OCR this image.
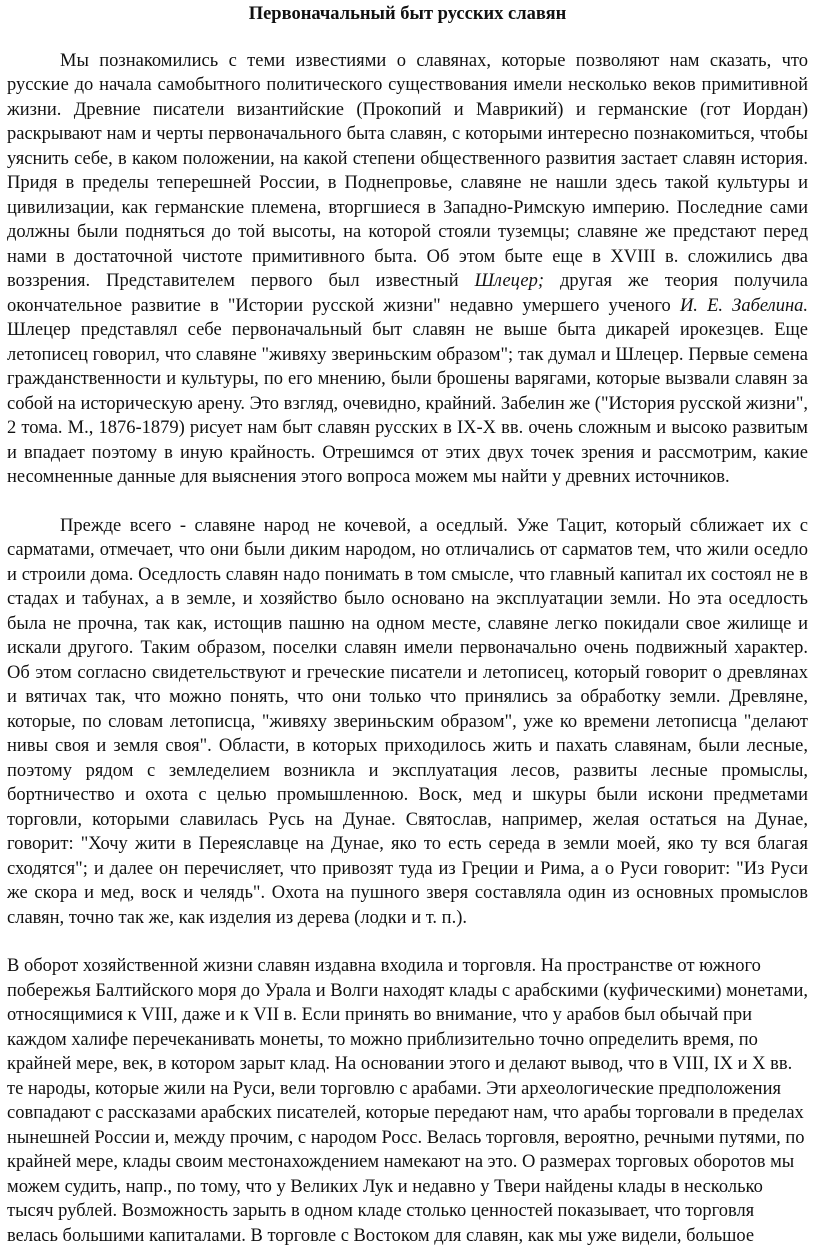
Первоначальный быт русских славян

Мы познакомились с теми известиями о славянах, которые позволяют нам сказать, что русские до начала самобытного политического существования имели несколько веков примитивной жизни. Древние писатели византийские (Прокопий и Маврикий) и германские (гот Иордан) раскрывают нам и черты первоначального быта славян, с которыми интересно познакомиться, чтобы уяснить себе, в каком положении, на какой степени общественного развития застает славян история. Придя в пределы теперешней России, в Поднепровье, славяне не нашли здесь такой культуры и цивилизации, как германские племена, вторгшиеся в Западно-Римскую империю. Последние сами должны были подняться до той высоты, на которой стояли туземцы; славяне же предстают перед нами в достаточной чистоте примитивного быта. Об этом быте еще в XVIII в. сложились два воззрения. Представителем первого был известный Шлецер; другая же теория получила окончательное развитие в "Истории русской жизни" недавно умершего ученого И. Е. Забелина. Шлецер представлял себе первоначальный быт славян не выше быта дикарей ирокезцев. Еще летописец говорил, что славяне "живяху звериньским образом"; так думал и Шлецер. Первые семена гражданственности и культуры, по его мнению, были брошены варягами, которые вызвали славян за собой на историческую арену. Это взгляд, очевидно, крайний. Забелин же ("История русской жизни", 2 тома. М., 1876-1879) рисует нам быт славян русских в IX-X вв. очень сложным и высоко развитым и впадает поэтому в иную крайность. Отрешимся от этих двух точек зрения и рассмотрим, какие несомненные данные для выяснения этого вопроса можем мы найти у древних источников.

Прежде всего - славяне народ не кочевой, а оседлый. Уже Тацит, который сближает их с сарматами, отмечает, что они были диким народом, но отличались от сарматов тем, что жили оседло и строили дома. Оседлость славян надо понимать в том смысле, что главный капитал их состоял не в стадах и табунах, а в земле, и хозяйство было основано на эксплуатации земли. Но эта оседлость была не прочна, так как, истощив пашню на одном месте, славяне легко покидали свое жилище и искали другого. Таким образом, поселки славян имели первоначально очень подвижный характер. Об этом согласно свидетельствуют и греческие писатели и летописец, который говорит о древлянах и вятичах так, что можно понять, что они только что принялись за обработку земли. Древляне, которые, по словам летописца, "живяху звериньским образом", уже ко времени летописца "делают нивы своя и земля своя". Области, в которых приходилось жить и пахать славянам, были лесные, поэтому рядом с земледелием возникла и эксплуатация лесов, развиты лесные промыслы, бортничество и охота с целью промышленною. Воск, мед и шкуры были искони предметами торговли, которыми славилась Русь на Дунае. Святослав, например, желая остаться на Дунае, говорит: "Хочу жити в Переяславце на Дунае, яко то есть середа в земли моей, яко ту вся благая сходятся"; и далее он перечисляет, что привозят туда из Греции и Рима, а о Руси говорит: "Из Руси же скора и мед, воск и челядь". Охота на пушного зверя составляла один из основных промыслов славян, точно так же, как изделия из дерева (лодки и т. п.).

В оборот хозяйственной жизни славян издавна входила и торговля. На пространстве от южного побережья Балтийского моря до Урала и Волги находят клады с арабскими (куфическими) монетами, относящимися к VIII, даже и к VII в. Если принять во внимание, что у арабов был обычай при каждом халифе перечеканивать монеты, то можно приблизительно точно определить время, по крайней мере, век, в котором зарыт клад. На основании этого и делают вывод, что в VIII, IX и X вв. те народы, которые жили на Руси, вели торговлю с арабами. Эти археологические предположения совпадают с рассказами арабских писателей, которые передают нам, что арабы торговали в пределах нынешней России и, между прочим, с народом Росс. Велась торговля, вероятно, речными путями, по крайней мере, клады своим местонахождением намекают на это. О размерах торговых оборотов мы можем судить, напр., по тому, что у Великих Лук и недавно у Твери найдены клады в несколько тысяч рублей. Возможность зарыть в одном кладе столько ценностей показывает, что торговля велась большими капиталами. В торговле с Востоком для славян, как мы уже видели, большое
